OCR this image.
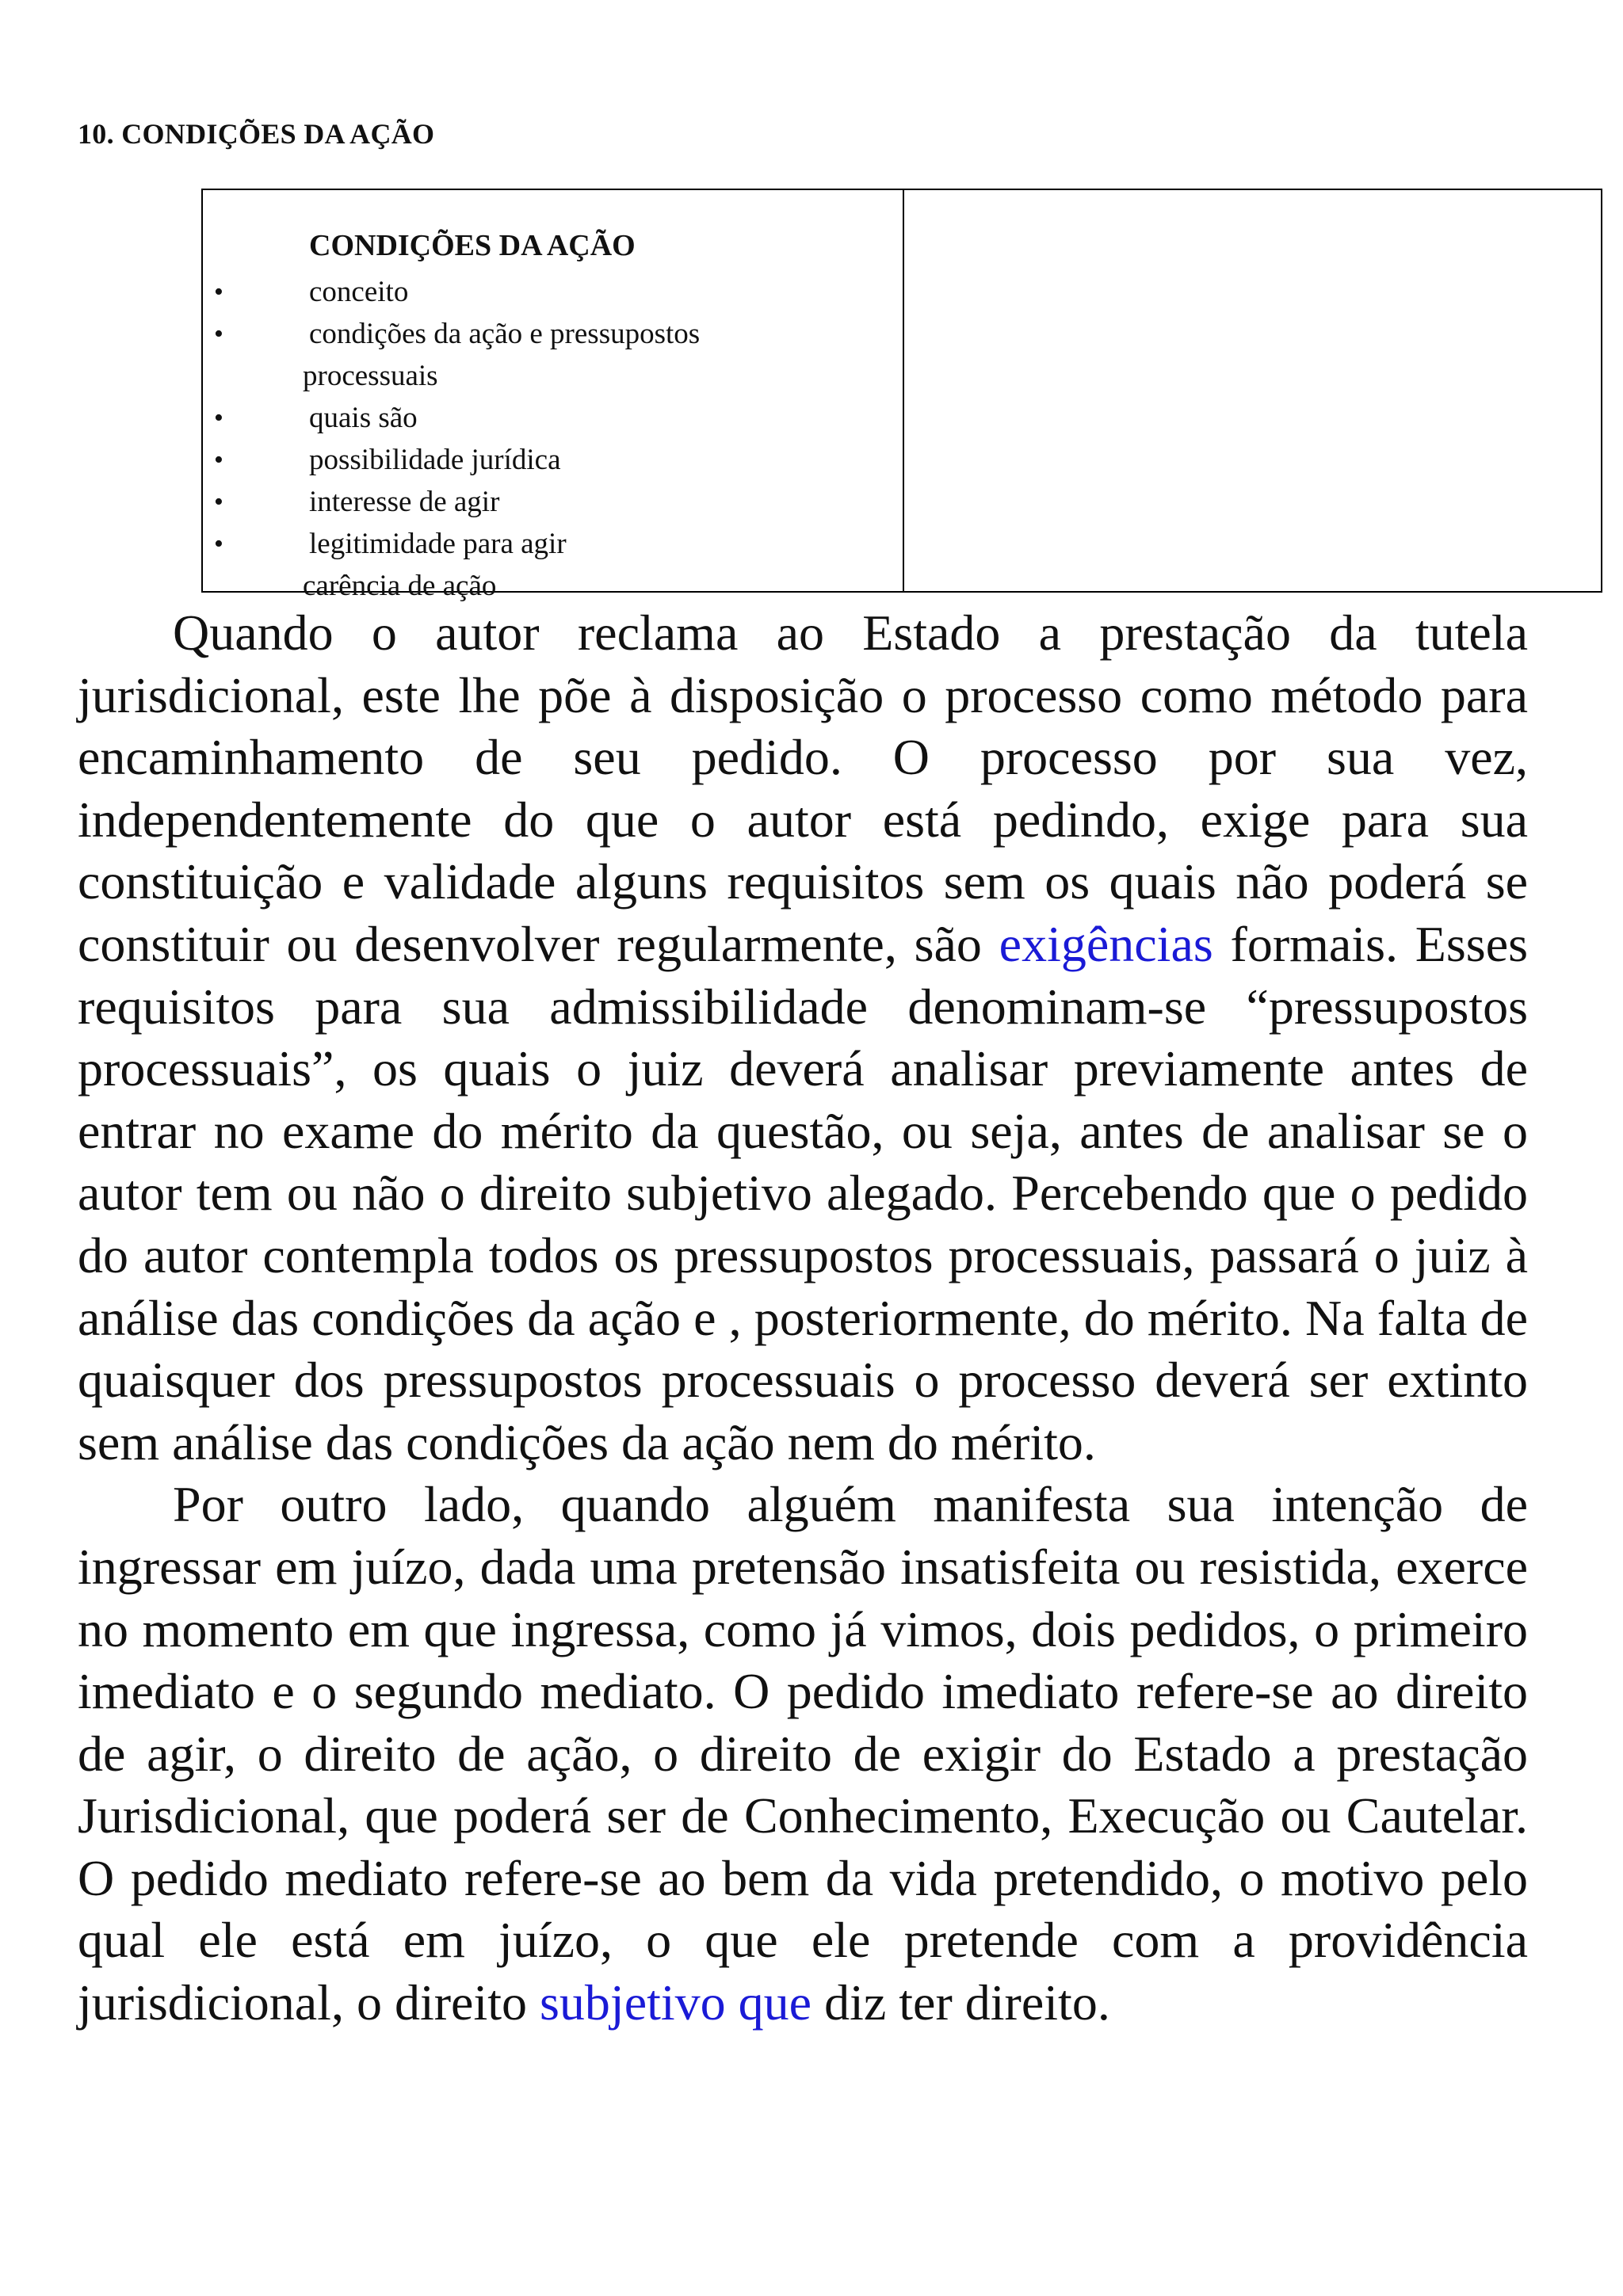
10. CONDIÇÕES DA AÇÃO
CONDIÇÕES DA AÇÃO
•	conceito
•	condições da ação e pressupostos
processuais
•	quais são
•	possibilidade jurídica
•	interesse de agir
•	legitimidade para agir
carência de ação

Quando o autor reclama ao Estado a prestação da tutela jurisdicional, este lhe põe à disposição o processo como método para encaminhamento de seu pedido. O processo por sua vez, independentemente do que o autor está pedindo, exige para sua constituição e validade alguns requisitos sem os quais não poderá se constituir ou desenvolver regularmente, são exigências formais. Esses requisitos para sua admissibilidade denominam-se “pressupostos processuais”, os quais o juiz deverá analisar previamente antes de entrar no exame do mérito da questão, ou seja, antes de analisar se o autor tem ou não o direito subjetivo alegado. Percebendo que o pedido do autor contempla todos os pressupostos processuais, passará o juiz à análise das condições da ação e , posteriormente, do mérito. Na falta de quaisquer dos pressupostos processuais o processo deverá ser extinto sem análise das condições da ação nem do mérito.

Por outro lado, quando alguém manifesta sua intenção de ingressar em juízo, dada uma pretensão insatisfeita ou resistida, exerce no momento em que ingressa, como já vimos, dois pedidos, o primeiro imediato e o segundo mediato. O pedido imediato refere-se ao direito de agir, o direito de ação, o direito de exigir do Estado a prestação Jurisdicional, que poderá ser de Conhecimento, Execução ou Cautelar. O pedido mediato refere-se ao bem da vida pretendido, o motivo pelo qual ele está em juízo, o que ele pretende com a providência jurisdicional, o direito subjetivo que diz ter direito.
